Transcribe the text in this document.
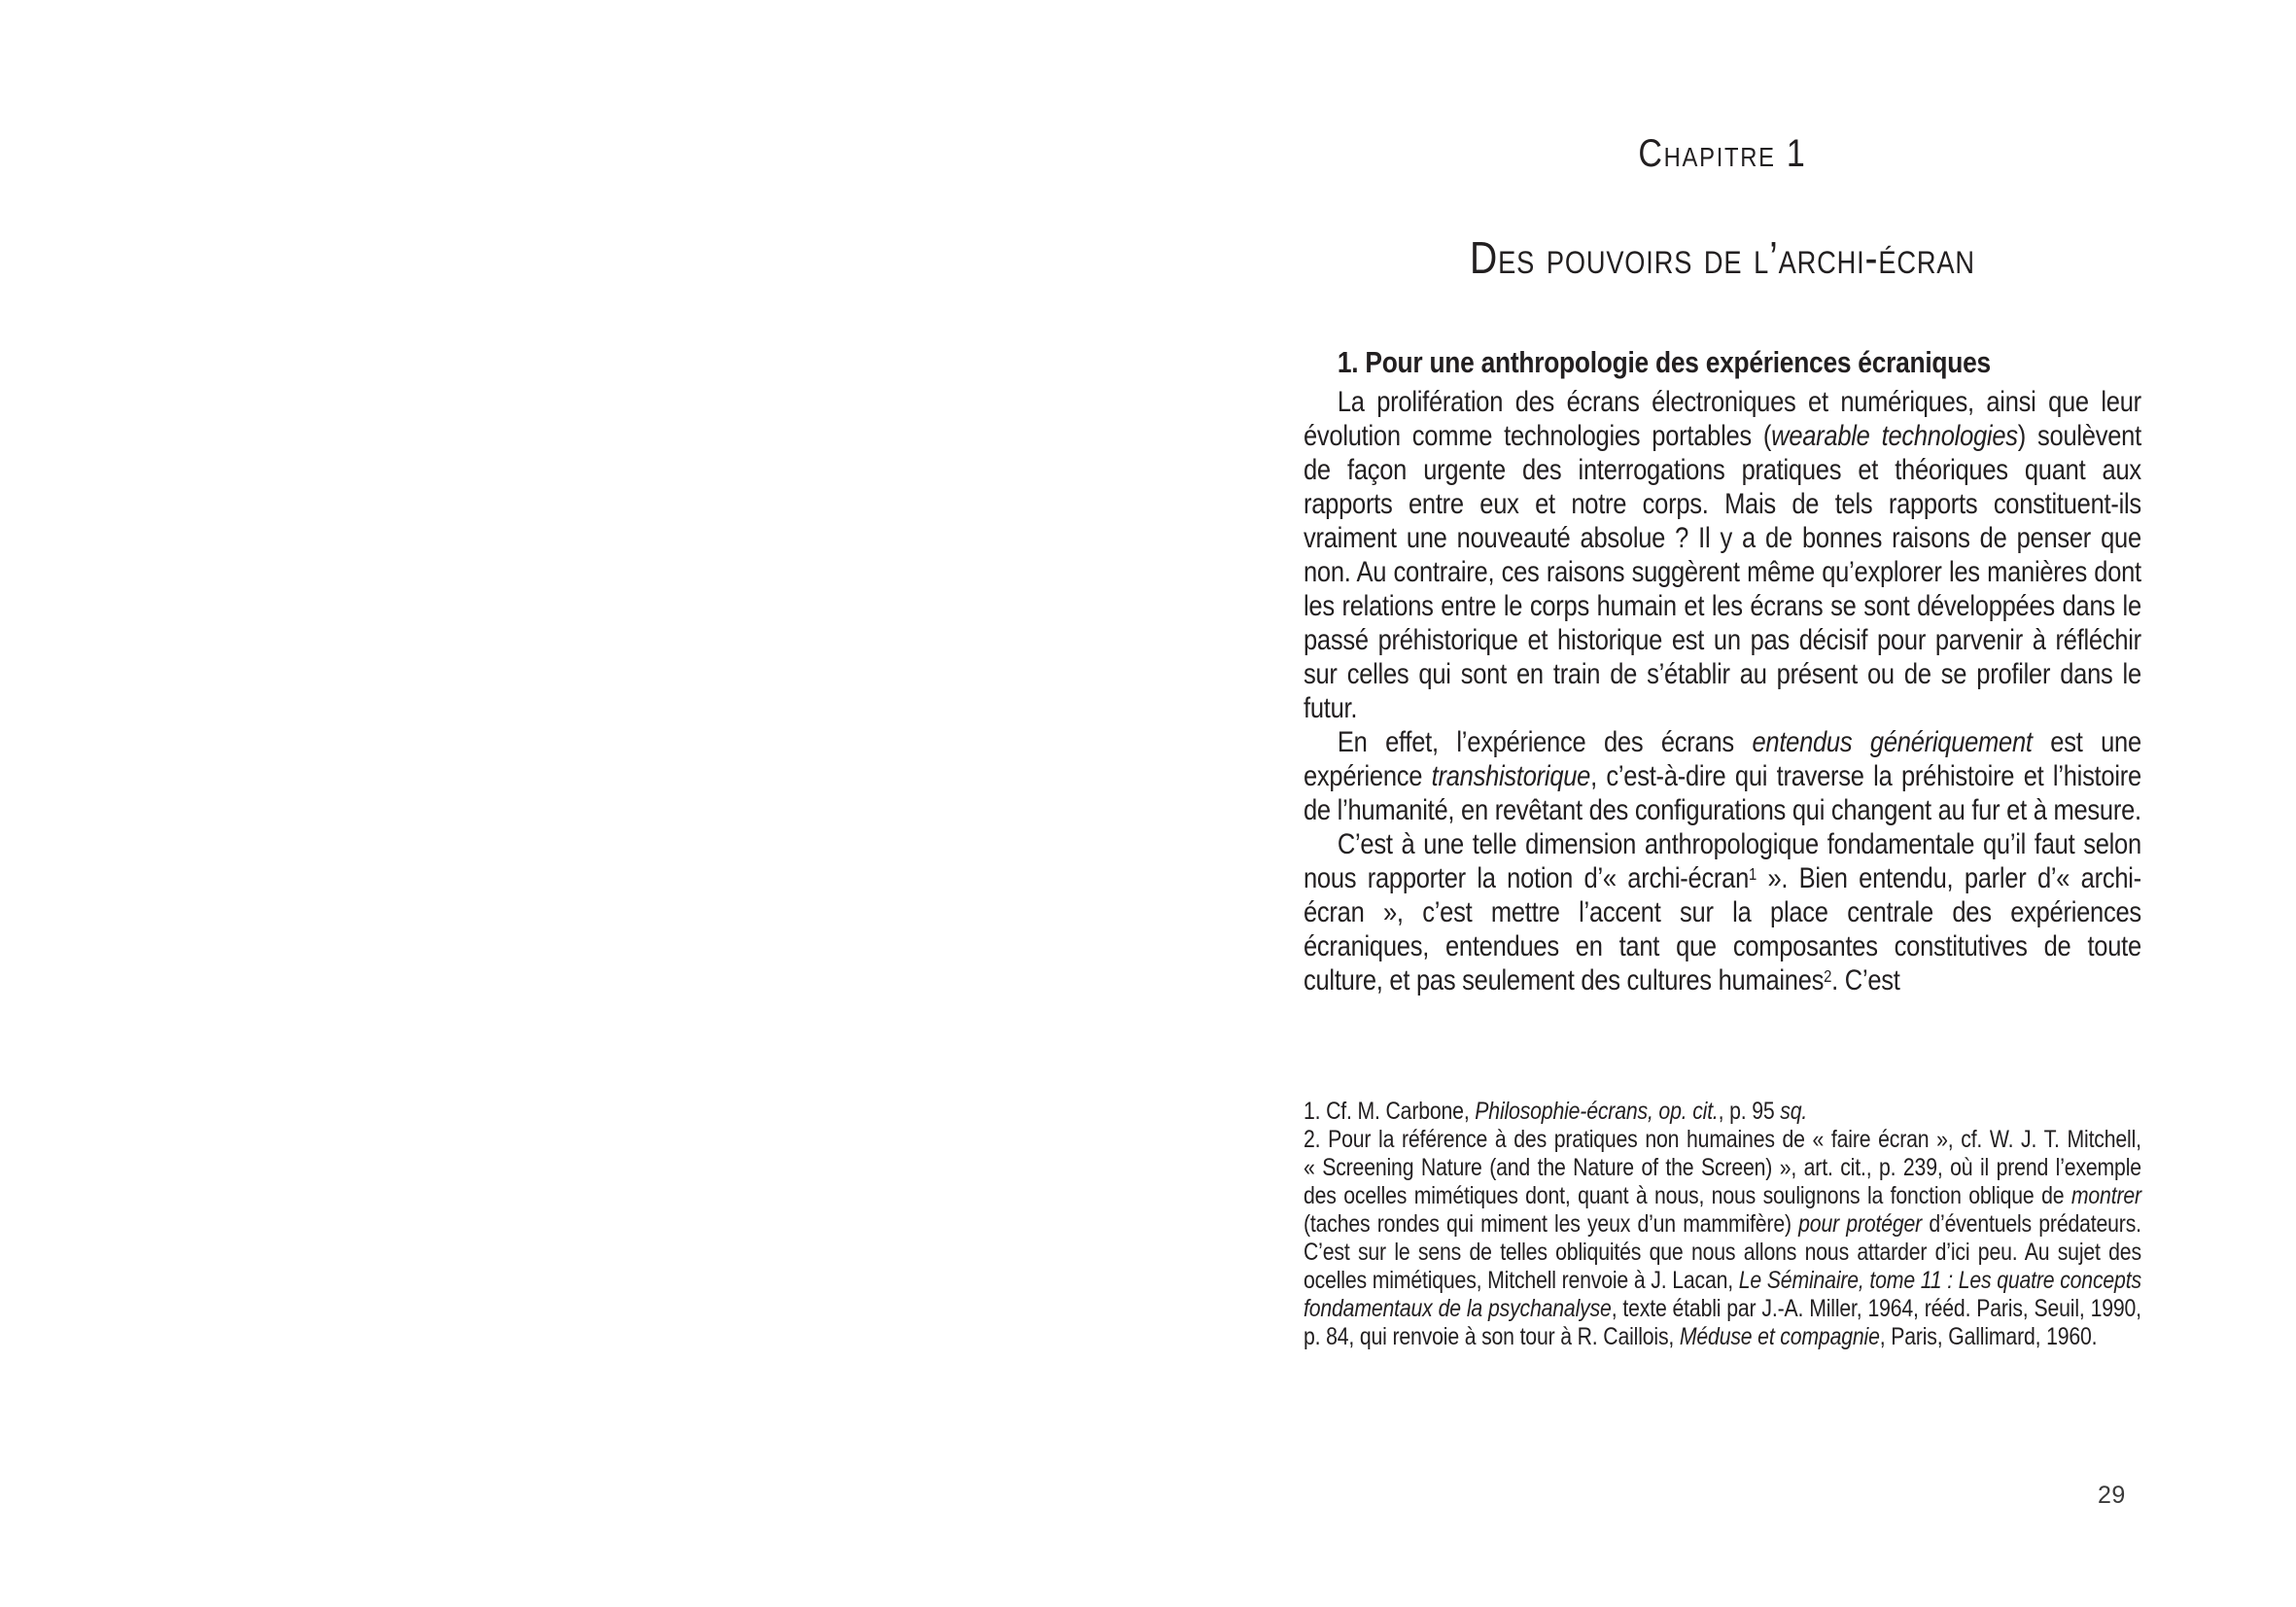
Chapitre 1
Des pouvoirs de l’archi-écran
1. Pour une anthropologie des expériences écraniques

La prolifération des écrans électroniques et numériques, ainsi que leur évolution comme technologies portables (wearable technologies) soulèvent de façon urgente des interrogations pratiques et théoriques quant aux rapports entre eux et notre corps. Mais de tels rapports constituent-ils vraiment une nouveauté absolue ? Il y a de bonnes raisons de penser que non. Au contraire, ces raisons suggèrent même qu’explorer les manières dont les relations entre le corps humain et les écrans se sont développées dans le passé préhistorique et historique est un pas décisif pour parvenir à réfléchir sur celles qui sont en train de s’établir au présent ou de se profiler dans le futur.

En effet, l’expérience des écrans entendus génériquement est une expérience transhistorique, c’est-à-dire qui traverse la préhistoire et l’histoire de l’humanité, en revêtant des configurations qui changent au fur et à mesure.

C’est à une telle dimension anthropologique fondamentale qu’il faut selon nous rapporter la notion d’« archi-écran$^1$ ». Bien entendu, parler d’« archi-écran », c’est mettre l’accent sur la place centrale des expériences écraniques, entendues en tant que composantes constitutives de toute culture, et pas seulement des cultures humaines$^2$. C’est

1. Cf. M. Carbone, Philosophie-écrans, op. cit., p. 95 sq.

2. Pour la référence à des pratiques non humaines de « faire écran », cf. W. J. T. Mitchell, « Screening Nature (and the Nature of the Screen) », art. cit., p. 239, où il prend l’exemple des ocelles mimétiques dont, quant à nous, nous soulignons la fonction oblique de montrer (taches rondes qui miment les yeux d’un mammifère) pour protéger d’éventuels prédateurs. C’est sur le sens de telles obliquités que nous allons nous attarder d’ici peu. Au sujet des ocelles mimétiques, Mitchell renvoie à J. Lacan, Le Séminaire, tome 11 : Les quatre concepts fondamentaux de la psychanalyse, texte établi par J.-A. Miller, 1964, rééd. Paris, Seuil, 1990, p. 84, qui renvoie à son tour à R. Caillois, Méduse et compagnie, Paris, Gallimard, 1960.

29
